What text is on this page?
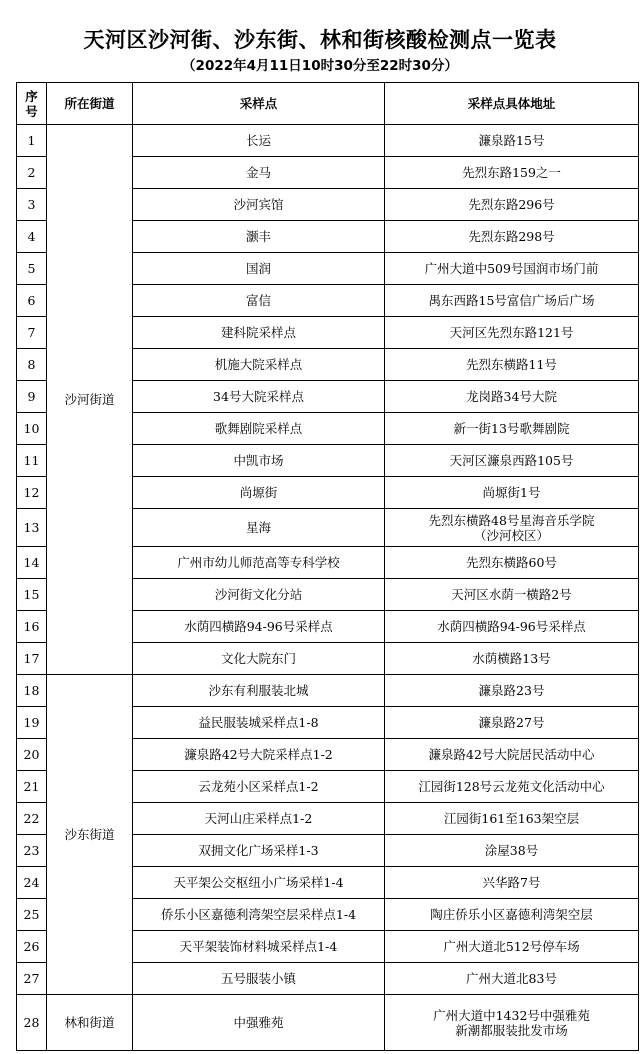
天河区沙河街、沙东街、林和街核酸检测点一览表
（2022年4月11日10时30分至22时30分）
序号	所在街道	采样点	采样点具体地址
1	沙河街道	长运	濂泉路15号
2		金马	先烈东路159之一
3		沙河宾馆	先烈东路296号
4		灏丰	先烈东路298号
5		国润	广州大道中509号国润市场门前
6		富信	禺东西路15号富信广场后广场
7		建科院采样点	天河区先烈东路121号
8		机施大院采样点	先烈东横路11号
9		34号大院采样点	龙岗路34号大院
10		歌舞剧院采样点	新一街13号歌舞剧院
11		中凯市场	天河区濂泉西路105号
12		尚塬街	尚塬街1号
13		星海	先烈东横路48号星海音乐学院
（沙河校区）
14		广州市幼儿师范高等专科学校	先烈东横路60号
15		沙河街文化分站	天河区水荫一横路2号
16		水荫四横路94-96号采样点	水荫四横路94-96号采样点
17		文化大院东门	水荫横路13号
18	沙东街道	沙东有利服装北城	濂泉路23号
19		益民服装城采样点1-8	濂泉路27号
20		濂泉路42号大院采样点1-2	濂泉路42号大院居民活动中心
21		云龙苑小区采样点1-2	江园街128号云龙苑文化活动中心
22		天河山庄采样点1-2	江园街161至163架空层
23		双拥文化广场采样1-3	涂屋38号
24		天平架公交枢纽小广场采样1-4	兴华路7号
25		侨乐小区嘉德利湾架空层采样点1-4	陶庄侨乐小区嘉德利湾架空层
26		天平架装饰材料城采样点1-4	广州大道北512号停车场
27		五号服装小镇	广州大道北83号
28	林和街道	中强雅苑	广州大道中1432号中强雅苑
新潮都服装批发市场
